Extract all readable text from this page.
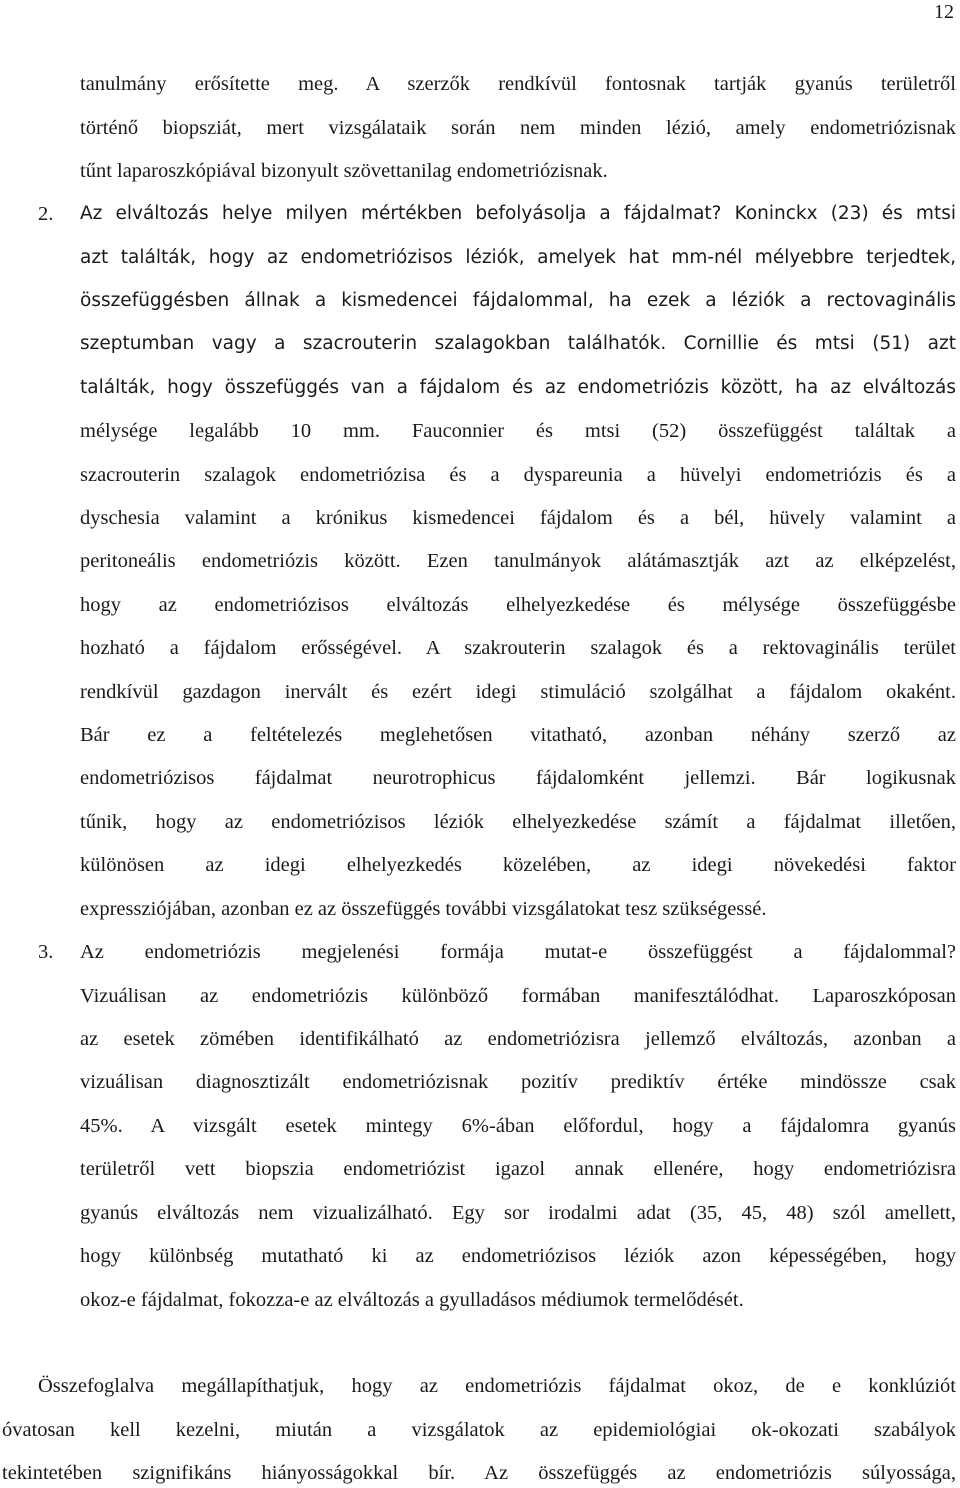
12
tanulmány erősítette meg. A szerzők rendkívül fontosnak tartják gyanús területről
történő biopsziát, mert vizsgálataik során nem minden lézió, amely endometriózisnak
tűnt laparoszkópiával bizonyult szövettanilag endometriózisnak.
2. Az elváltozás helye milyen mértékben befolyásolja a fájdalmat? Koninckx (23) és mtsi
azt találták, hogy az endometriózisos léziók, amelyek hat mm-nél mélyebbre terjedtek,
összefüggésben állnak a kismedencei fájdalommal, ha ezek a léziók a rectovaginális
szeptumban vagy a szacrouterin szalagokban találhatók. Cornillie és mtsi (51) azt
találták, hogy összefüggés van a fájdalom és az endometriózis között, ha az elváltozás
mélysége legalább 10 mm. Fauconnier és mtsi (52) összefüggést találtak a
szacrouterin szalagok endometriózisa és a dyspareunia a hüvelyi endometriózis és a
dyschesia valamint a krónikus kismedencei fájdalom és a bél, hüvely valamint a
peritoneális endometriózis között. Ezen tanulmányok alátámasztják azt az elképzelést,
hogy az endometriózisos elváltozás elhelyezkedése és mélysége összefüggésbe
hozható a fájdalom erősségével. A szakrouterin szalagok és a rektovaginális terület
rendkívül gazdagon inervált és ezért idegi stimuláció szolgálhat a fájdalom okaként.
Bár ez a feltételezés meglehetősen vitatható, azonban néhány szerző az
endometriózisos fájdalmat neurotrophicus fájdalomként jellemzi. Bár logikusnak
tűnik, hogy az endometriózisos léziók elhelyezkedése számít a fájdalmat illetően,
különösen az idegi elhelyezkedés közelében, az idegi növekedési faktor
expressziójában, azonban ez az összefüggés további vizsgálatokat tesz szükségessé.
3. Az endometriózis megjelenési formája mutat-e összefüggést a fájdalommal?
Vizuálisan az endometriózis különböző formában manifesztálódhat. Laparoszkóposan
az esetek zömében identifikálható az endometriózisra jellemző elváltozás, azonban a
vizuálisan diagnosztizált endometriózisnak pozitív prediktív értéke mindössze csak
45%. A vizsgált esetek mintegy 6%-ában előfordul, hogy a fájdalomra gyanús
területről vett biopszia endometriózist igazol annak ellenére, hogy endometriózisra
gyanús elváltozás nem vizualizálható. Egy sor irodalmi adat (35, 45, 48) szól amellett,
hogy különbség mutatható ki az endometriózisos léziók azon képességében, hogy
okoz-e fájdalmat, fokozza-e az elváltozás a gyulladásos médiumok termelődését.
Összefoglalva megállapíthatjuk, hogy az endometriózis fájdalmat okoz, de e konklúziót
óvatosan kell kezelni, miután a vizsgálatok az epidemiológiai ok-okozati szabályok
tekintetében szignifikáns hiányosságokkal bír. Az összefüggés az endometriózis súlyossága,
